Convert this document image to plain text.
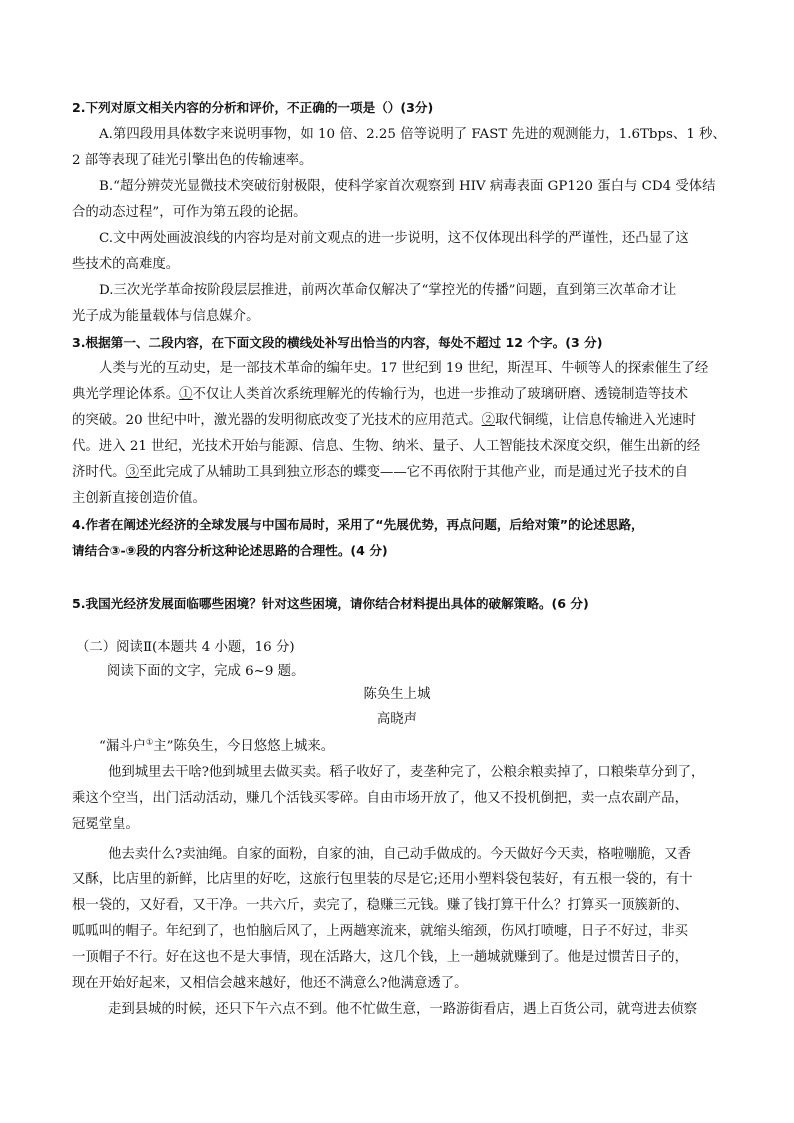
2.下列对原文相关内容的分析和评价，不正确的一项是（）(3分)
A.第四段用具体数字来说明事物，如 10 倍、2.25 倍等说明了 FAST 先进的观测能力，1.6Tbps、1 秒、
2 部等表现了硅光引擎出色的传输速率。
B.“超分辨荧光显微技术突破衍射极限，使科学家首次观察到 HIV 病毒表面 GP120 蛋白与 CD4 受体结
合的动态过程”，可作为第五段的论据。
C.文中两处画波浪线的内容均是对前文观点的进一步说明，这不仅体现出科学的严谨性，还凸显了这
些技术的高难度。
D.三次光学革命按阶段层层推进，前两次革命仅解决了“掌控光的传播”问题，直到第三次革命才让
光子成为能量载体与信息媒介。
3.根据第一、二段内容，在下面文段的横线处补写出恰当的内容，每处不超过 12 个字。(3 分)
人类与光的互动史，是一部技术革命的编年史。17 世纪到 19 世纪，斯涅耳、牛顿等人的探索催生了经
典光学理论体系。①不仅让人类首次系统理解光的传输行为，也进一步推动了玻璃研磨、透镜制造等技术
的突破。20 世纪中叶，激光器的发明彻底改变了光技术的应用范式。②取代铜缆，让信息传输进入光速时
代。进入 21 世纪，光技术开始与能源、信息、生物、纳米、量子、人工智能技术深度交织，催生出新的经
济时代。③至此完成了从辅助工具到独立形态的蝶变——它不再依附于其他产业，而是通过光子技术的自
主创新直接创造价值。
4.作者在阐述光经济的全球发展与中国布局时，采用了“先展优势，再点问题，后给对策”的论述思路，
请结合③-⑨段的内容分析这种论述思路的合理性。(4 分)
5.我国光经济发展面临哪些困境？针对这些困境，请你结合材料提出具体的破解策略。(6 分)
（二）阅读Ⅱ(本题共 4 小题，16 分)
阅读下面的文字，完成 6~9 题。
陈奂生上城
高晓声
“漏斗户①主”陈奂生，今日悠悠上城来。
他到城里去干啥?他到城里去做买卖。稻子收好了，麦垄种完了，公粮余粮卖掉了，口粮柴草分到了，
乘这个空当，出门活动活动，赚几个活钱买零碎。自由市场开放了，他又不投机倒把，卖一点农副产品，
冠冕堂皇。
他去卖什么?卖油绳。自家的面粉，自家的油，自己动手做成的。今天做好今天卖，格啦嘣脆，又香
又酥，比店里的新鲜，比店里的好吃，这旅行包里装的尽是它;还用小塑料袋包装好，有五根一袋的，有十
根一袋的，又好看，又干净。一共六斤，卖完了，稳赚三元钱。赚了钱打算干什么？打算买一顶簇新的、
呱呱叫的帽子。年纪到了，也怕脑后风了，上两趟寒流来，就缩头缩颈，伤风打喷嚏，日子不好过，非买
一顶帽子不行。好在这也不是大事情，现在活路大，这几个钱，上一趟城就赚到了。他是过惯苦日子的，
现在开始好起来，又相信会越来越好，他还不满意么?他满意透了。
走到县城的时候，还只下午六点不到。他不忙做生意，一路游街看店，遇上百货公司，就弯进去侦察
